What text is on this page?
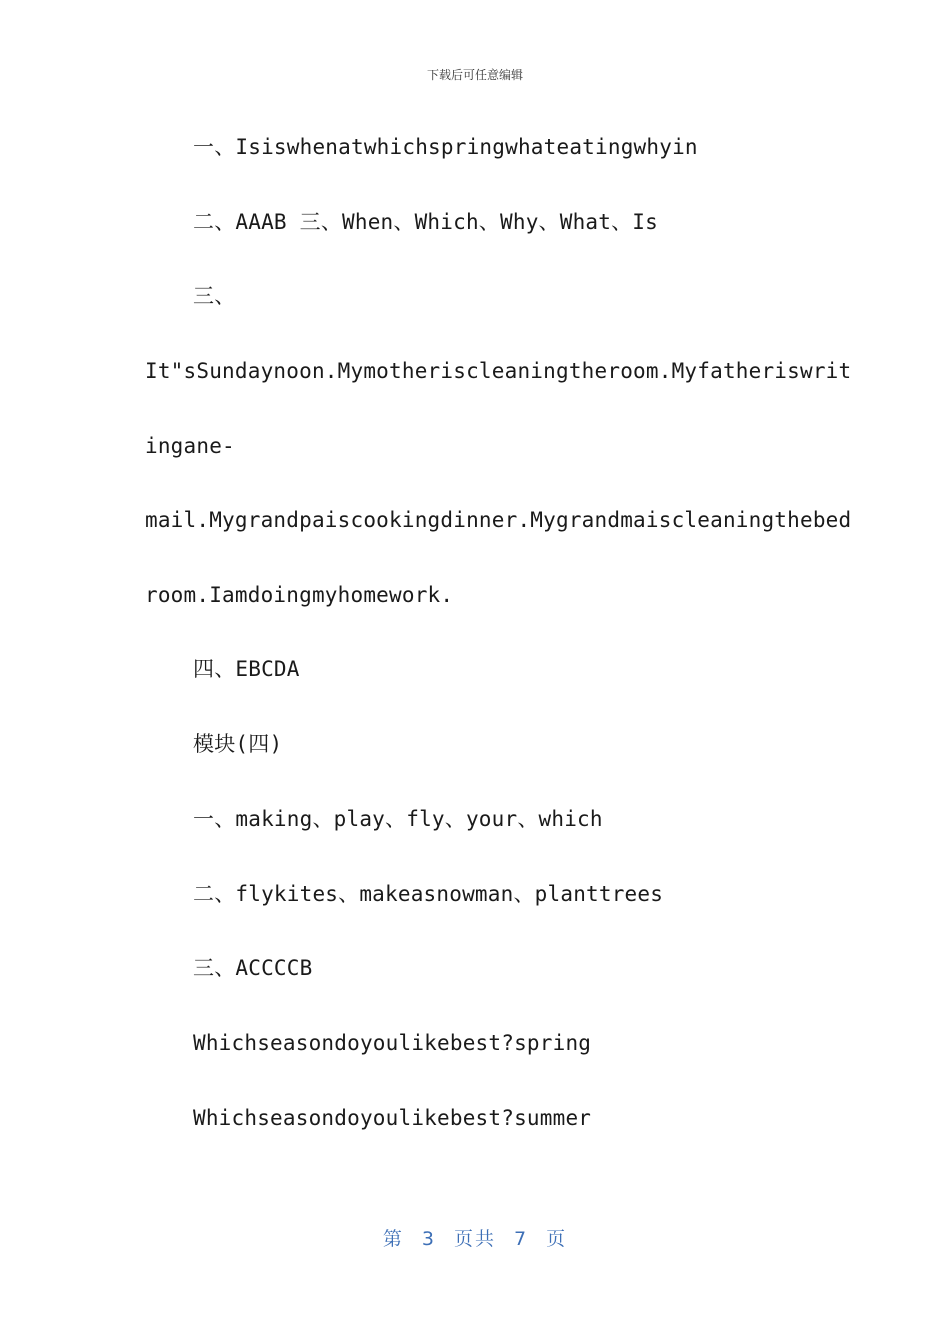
下载后可任意编辑
一、Isiswhenatwhichspringwhateatingwhyin
二、AAAB 三、When、Which、Why、What、Is
三、
It"sSundaynoon.Mymotheriscleaningtheroom.Myfatheriswrit
ingane-
mail.Mygrandpaiscookingdinner.Mygrandmaiscleaningthebed
room.Iamdoingmyhomework.
四、EBCDA
模块(四)
一、making、play、fly、your、which
二、flykites、makeasnowman、planttrees
三、ACCCCB
Whichseasondoyoulikebest?spring
Whichseasondoyoulikebest?summer
第 3 页共 7 页
